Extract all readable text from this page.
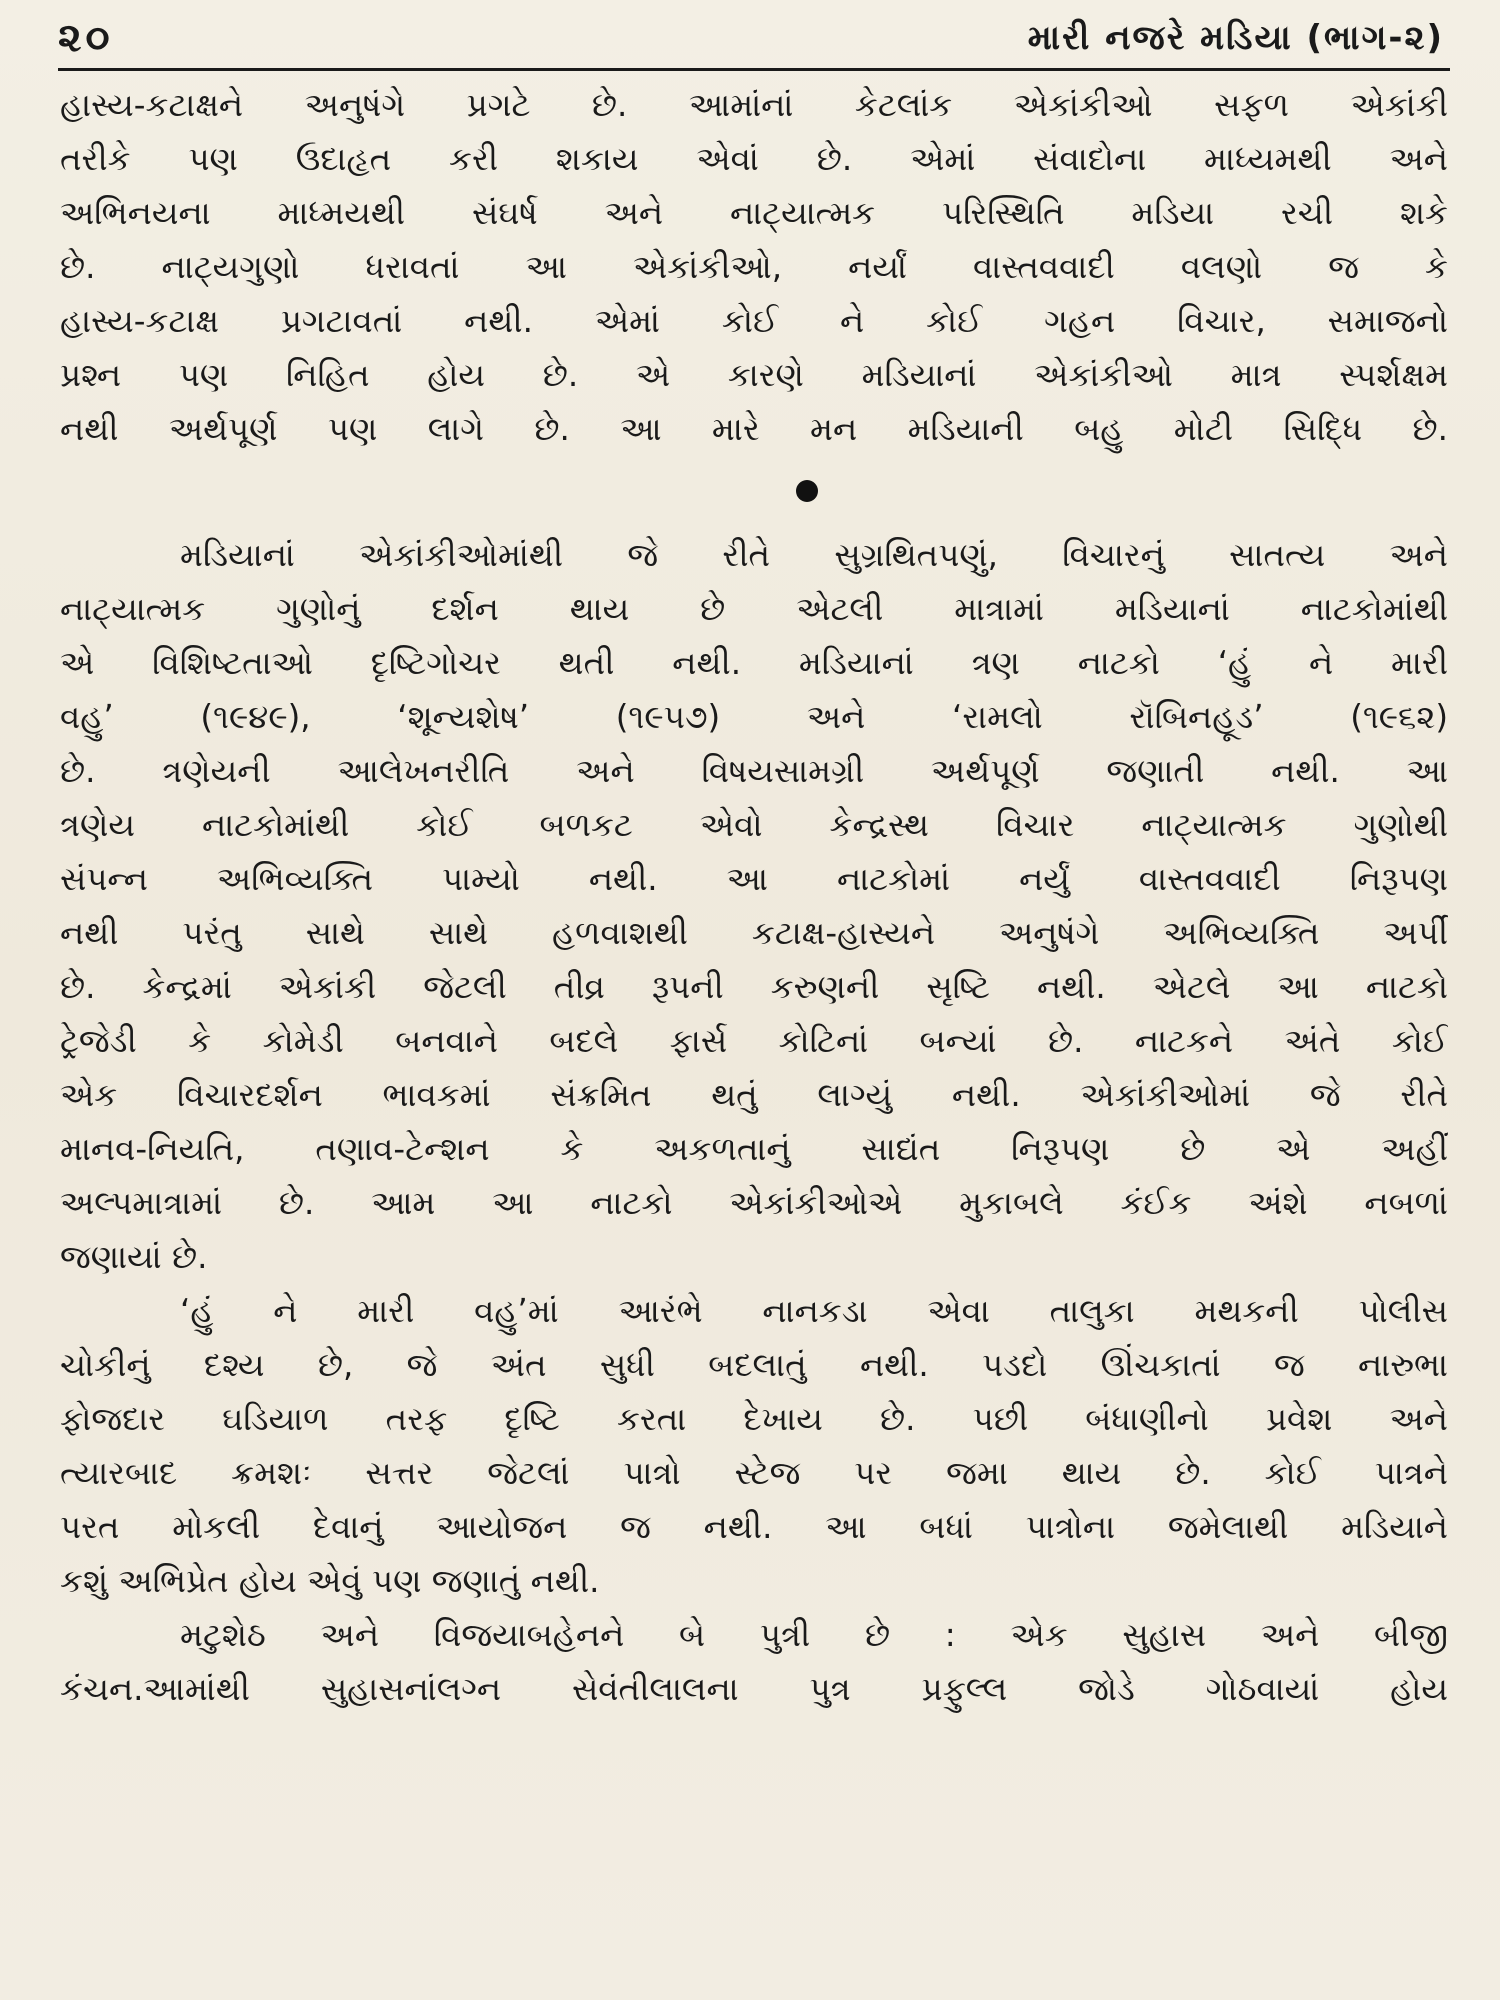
૨૦	મારી નજરે મડિયા (ભાગ-૨)
હાસ્ય-કટાક્ષને અનુષંગે પ્રગટે છે. આમાંનાં કેટલાંક એકાંકીઓ સફળ એકાંકી
તરીકે પણ ઉદાહૃત કરી શકાય એવાં છે. એમાં સંવાદોના માધ્યમથી અને
અભિનયના માધ્મયથી સંઘર્ષ અને નાટ્યાત્મક પરિસ્થિતિ મડિયા રચી શકે
છે. નાટ્યગુણો ધરાવતાં આ એકાંકીઓ, નર્યાં વાસ્તવવાદી વલણો જ કે
હાસ્ય-કટાક્ષ પ્રગટાવતાં નથી. એમાં કોઈ ને કોઈ ગહન વિચાર, સમાજનો
પ્રશ્ન પણ નિહિત હોય છે. એ કારણે મડિયાનાં એકાંકીઓ માત્ર સ્પર્શક્ષમ
નથી અર્થપૂર્ણ પણ લાગે છે. આ મારે મન મડિયાની બહુ મોટી સિદ્ધિ છે.
મડિયાનાં એકાંકીઓમાંથી જે રીતે સુગ્રથિતપણું, વિચારનું સાતત્ય અને
નાટ્યાત્મક ગુણોનું દર્શન થાય છે એટલી માત્રામાં મડિયાનાં નાટકોમાંથી
એ વિશિષ્ટતાઓ દૃષ્ટિગોચર થતી નથી. મડિયાનાં ત્રણ નાટકો ‘હું ને મારી
વહુ’ (૧૯૪૯), ‘શૂન્યશેષ’ (૧૯૫૭) અને ‘રામલો રૉબિનહૂડ’ (૧૯૬૨)
છે. ત્રણેયની આલેખનરીતિ અને વિષયસામગ્રી અર્થપૂર્ણ જણાતી નથી. આ
ત્રણેય નાટકોમાંથી કોઈ બળકટ એવો કેન્દ્રસ્થ વિચાર નાટ્યાત્મક ગુણોથી
સંપન્ન અભિવ્યક્તિ પામ્યો નથી. આ નાટકોમાં નર્યું વાસ્તવવાદી નિરૂપણ
નથી પરંતુ સાથે સાથે હળવાશથી કટાક્ષ-હાસ્યને અનુષંગે અભિવ્યક્તિ અર્પી
છે. કેન્દ્રમાં એકાંકી જેટલી તીવ્ર રૂપની કરુણની સૃષ્ટિ નથી. એટલે આ નાટકો
ટ્રેજેડી કે કોમેડી બનવાને બદલે ફાર્સ કોટિનાં બન્યાં છે. નાટકને અંતે કોઈ
એક વિચારદર્શન ભાવકમાં સંક્રમિત થતું લાગ્યું નથી. એકાંકીઓમાં જે રીતે
માનવ-નિયતિ, તણાવ-ટેન્શન કે અકળતાનું સાદ્યંત નિરૂપણ છે એ અહીં
અલ્પમાત્રામાં છે. આમ આ નાટકો એકાંકીઓએ મુકાબલે કંઈક અંશે નબળાં
જણાયાં છે.
‘હું ને મારી વહુ’માં આરંભે નાનકડા એવા તાલુકા મથકની પોલીસ
ચોકીનું દશ્ય છે, જે અંત સુધી બદલાતું નથી. પડદો ઊંચકાતાં જ નારુભા
ફોજદાર ઘડિયાળ તરફ દૃષ્ટિ કરતા દેખાય છે. પછી બંધાણીનો પ્રવેશ અને
ત્યારબાદ ક્રમશઃ સત્તર જેટલાં પાત્રો સ્ટેજ પર જમા થાય છે. કોઈ પાત્રને
પરત મોકલી દેવાનું આયોજન જ નથી. આ બધાં પાત્રોના જમેલાથી મડિયાને
કશું અભિપ્રેત હોય એવું પણ જણાતું નથી.
મટુશેઠ અને વિજયાબહેનને બે પુત્રી છે : એક સુહાસ અને બીજી
કંચન.આમાંથી સુહાસનાંલગ્ન સેવંતીલાલના પુત્ર પ્રફુલ્લ જોડે ગોઠવાયાં હોય
